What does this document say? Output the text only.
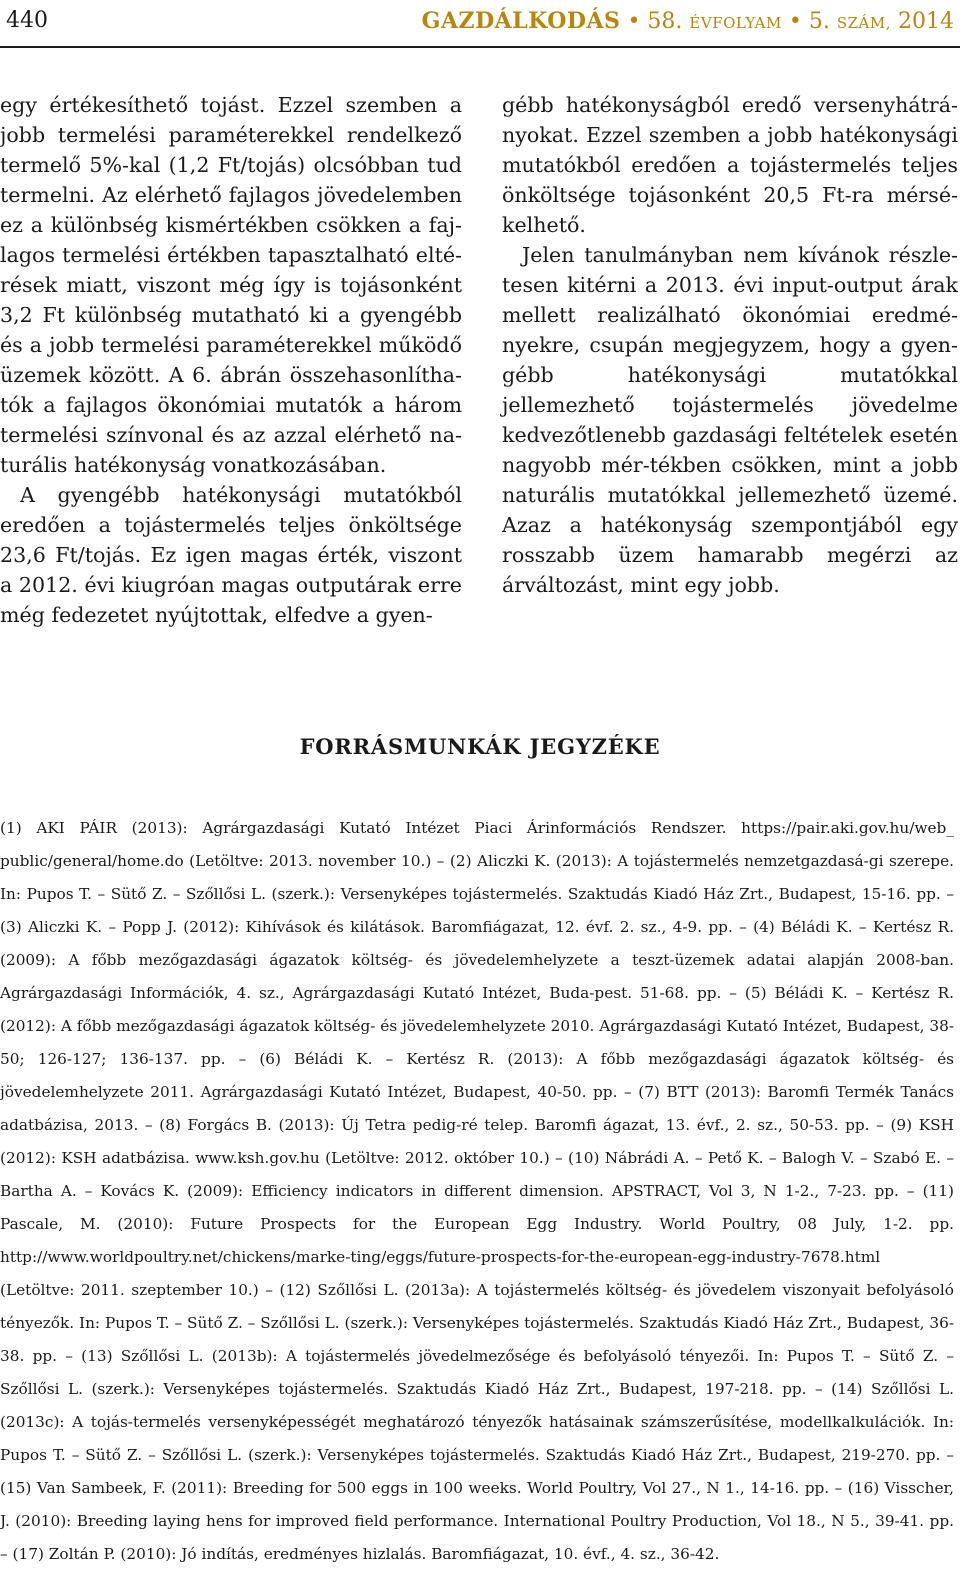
440	GAZDÁLKODÁS • 58. ÉVFOLYAM • 5. SZÁM, 2014

egy értékesíthető tojást. Ezzel szemben a jobb termelési paraméterekkel rendelkező termelő 5%-kal (1,2 Ft/tojás) olcsóbban tud termelni. Az elérhető fajlagos jövedelemben ez a különbség kismértékben csökken a faj-lagos termelési értékben tapasztalható elté-rések miatt, viszont még így is tojásonként 3,2 Ft különbség mutatható ki a gyengébb és a jobb termelési paraméterekkel működő üzemek között. A 6. ábrán összehasonlítha-tók a fajlagos ökonómiai mutatók a három termelési színvonal és az azzal elérhető na-turális hatékonyság vonatkozásában.

A gyengébb hatékonysági mutatókból eredően a tojástermelés teljes önköltsége 23,6 Ft/tojás. Ez igen magas érték, viszont a 2012. évi kiugróan magas outputárak erre még fedezetet nyújtottak, elfedve a gyen-

gébb hatékonyságból eredő versenyhátrá-nyokat. Ezzel szemben a jobb hatékonysági mutatókból eredően a tojástermelés teljes önköltsége tojásonként 20,5 Ft-ra mérsé-kelhető.

Jelen tanulmányban nem kívánok részle-tesen kitérni a 2013. évi input-output árak mellett realizálható ökonómiai eredmé-nyekre, csupán megjegyzem, hogy a gyen-gébb hatékonysági mutatókkal jellemezhető tojástermelés jövedelme kedvezőtlenebb gazdasági feltételek esetén nagyobb mér-tékben csökken, mint a jobb naturális mutatókkal jellemezhető üzemé. Azaz a hatékonyság szempontjából egy rosszabb üzem hamarabb megérzi az árváltozást, mint egy jobb.

FORRÁSMUNKÁK JEGYZÉKE

(1) AKI PÁIR (2013): Agrárgazdasági Kutató Intézet Piaci Árinformációs Rendszer. https://pair.aki.gov.hu/web_ public/general/home.do (Letöltve: 2013. november 10.) – (2) Aliczki K. (2013): A tojástermelés nemzetgazdasá-gi szerepe. In: Pupos T. – Sütő Z. – Szőllősi L. (szerk.): Versenyképes tojástermelés. Szaktudás Kiadó Ház Zrt., Budapest, 15-16. pp. – (3) Aliczki K. – Popp J. (2012): Kihívások és kilátások. Baromfiágazat, 12. évf. 2. sz., 4-9. pp. – (4) Béládi K. – Kertész R. (2009): A főbb mezőgazdasági ágazatok költség- és jövedelemhelyzete a teszt-üzemek adatai alapján 2008-ban. Agrárgazdasági Információk, 4. sz., Agrárgazdasági Kutató Intézet, Buda-pest. 51-68. pp. – (5) Béládi K. – Kertész R. (2012): A főbb mezőgazdasági ágazatok költség- és jövedelemhelyzete 2010. Agrárgazdasági Kutató Intézet, Budapest, 38-50; 126-127; 136-137. pp. – (6) Béládi K. – Kertész R. (2013): A főbb mezőgazdasági ágazatok költség- és jövedelemhelyzete 2011. Agrárgazdasági Kutató Intézet, Budapest, 40-50. pp. – (7) BTT (2013): Baromfi Termék Tanács adatbázisa, 2013. – (8) Forgács B. (2013): Új Tetra pedig-ré telep. Baromfi ágazat, 13. évf., 2. sz., 50-53. pp. – (9) KSH (2012): KSH adatbázisa. www.ksh.gov.hu (Letöltve: 2012. október 10.) – (10) Nábrádi A. – Pető K. – Balogh V. – Szabó E. – Bartha A. – Kovács K. (2009): Efficiency indicators in different dimension. APSTRACT, Vol 3, N 1-2., 7-23. pp. – (11) Pascale, M. (2010): Future Prospects for the European Egg Industry. World Poultry, 08 July, 1-2. pp. http://www.worldpoultry.net/chickens/marke-ting/eggs/future-prospects-for-the-european-egg-industry-7678.html (Letöltve: 2011. szeptember 10.) – (12) Szőllősi L. (2013a): A tojástermelés költség- és jövedelem viszonyait befolyásoló tényezők. In: Pupos T. – Sütő Z. – Szőllősi L. (szerk.): Versenyképes tojástermelés. Szaktudás Kiadó Ház Zrt., Budapest, 36-38. pp. – (13) Szőllősi L. (2013b): A tojástermelés jövedelmezősége és befolyásoló tényezői. In: Pupos T. – Sütő Z. – Szőllősi L. (szerk.): Versenyképes tojástermelés. Szaktudás Kiadó Ház Zrt., Budapest, 197-218. pp. – (14) Szőllősi L. (2013c): A tojás-termelés versenyképességét meghatározó tényezők hatásainak számszerűsítése, modellkalkulációk. In: Pupos T. – Sütő Z. – Szőllősi L. (szerk.): Versenyképes tojástermelés. Szaktudás Kiadó Ház Zrt., Budapest, 219-270. pp. – (15) Van Sambeek, F. (2011): Breeding for 500 eggs in 100 weeks. World Poultry, Vol 27., N 1., 14-16. pp. – (16) Visscher, J. (2010): Breeding laying hens for improved field performance. International Poultry Production, Vol 18., N 5., 39-41. pp. – (17) Zoltán P. (2010): Jó indítás, eredményes hizlalás. Baromfiágazat, 10. évf., 4. sz., 36-42.
